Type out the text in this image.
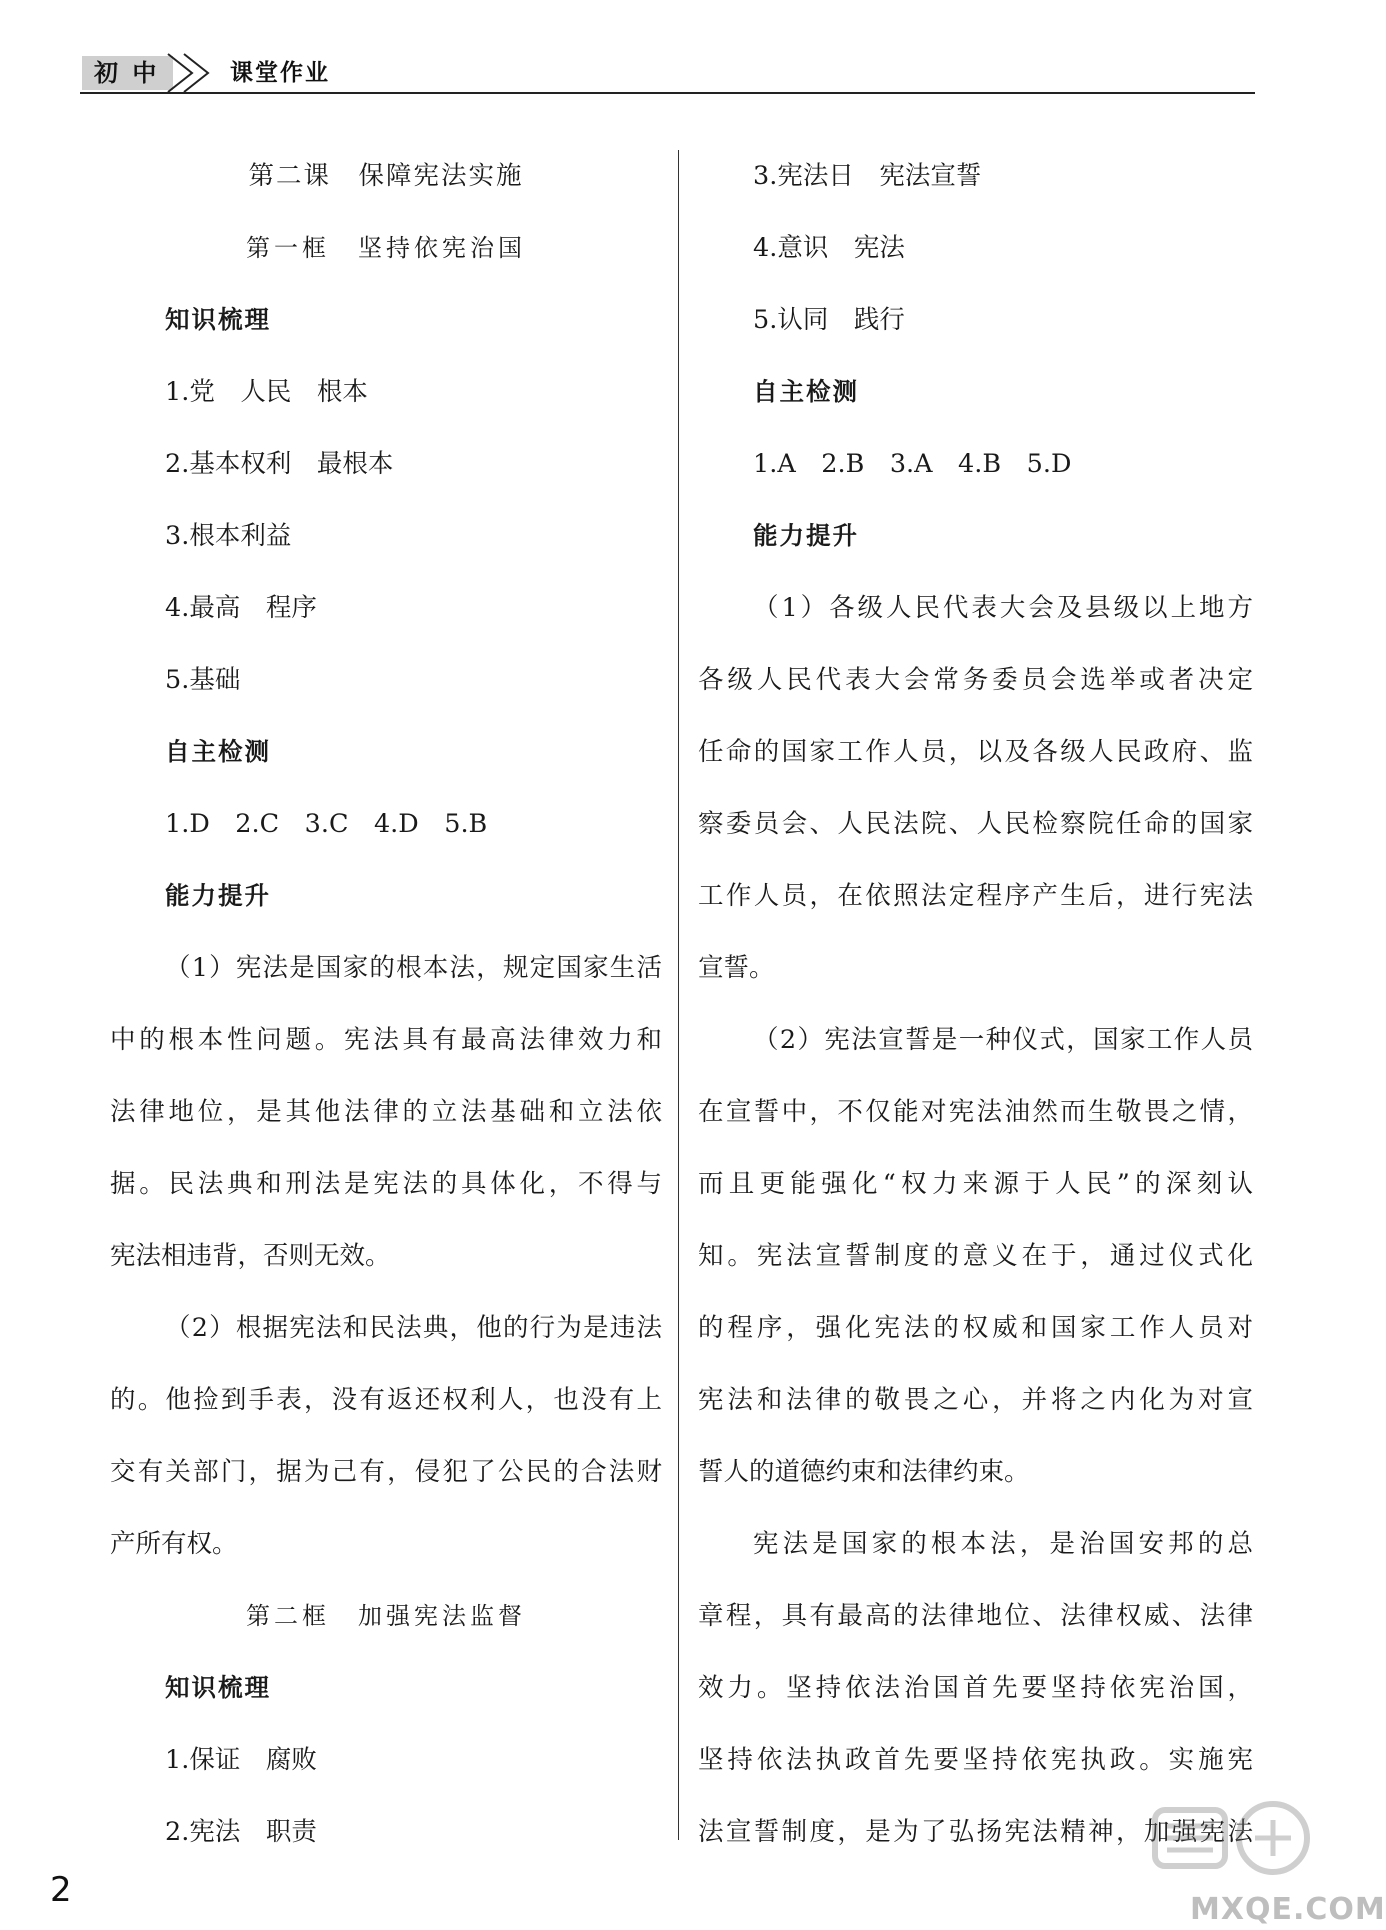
初 中	课堂作业
第二课　保障宪法实施
第一框　坚持依宪治国
知识梳理
1.党　人民　根本
2.基本权利　最根本
3.根本利益
4.最高　程序
5.基础
自主检测
1.D　2.C　3.C　4.D　5.B
能力提升
（1）宪法是国家的根本法，规定国家生活
中的根本性问题。宪法具有最高法律效力和
法律地位，是其他法律的立法基础和立法依
据。民法典和刑法是宪法的具体化，不得与
宪法相违背，否则无效。
（2）根据宪法和民法典，他的行为是违法
的。他捡到手表，没有返还权利人，也没有上
交有关部门，据为己有，侵犯了公民的合法财
产所有权。
第二框　加强宪法监督
知识梳理
1.保证　腐败
2.宪法　职责
3.宪法日　宪法宣誓
4.意识　宪法
5.认同　践行
自主检测
1.A　2.B　3.A　4.B　5.D
能力提升
（1）各级人民代表大会及县级以上地方
各级人民代表大会常务委员会选举或者决定
任命的国家工作人员，以及各级人民政府、监
察委员会、人民法院、人民检察院任命的国家
工作人员，在依照法定程序产生后，进行宪法
宣誓。
（2）宪法宣誓是一种仪式，国家工作人员
在宣誓中，不仅能对宪法油然而生敬畏之情，
而且更能强化“权力来源于人民”的深刻认
知。宪法宣誓制度的意义在于，通过仪式化
的程序，强化宪法的权威和国家工作人员对
宪法和法律的敬畏之心，并将之内化为对宣
誓人的道德约束和法律约束。
宪法是国家的根本法，是治国安邦的总
章程，具有最高的法律地位、法律权威、法律
效力。坚持依法治国首先要坚持依宪治国，
坚持依法执政首先要坚持依宪执政。实施宪
法宣誓制度，是为了弘扬宪法精神，加强宪法
2	MXQE.COM
